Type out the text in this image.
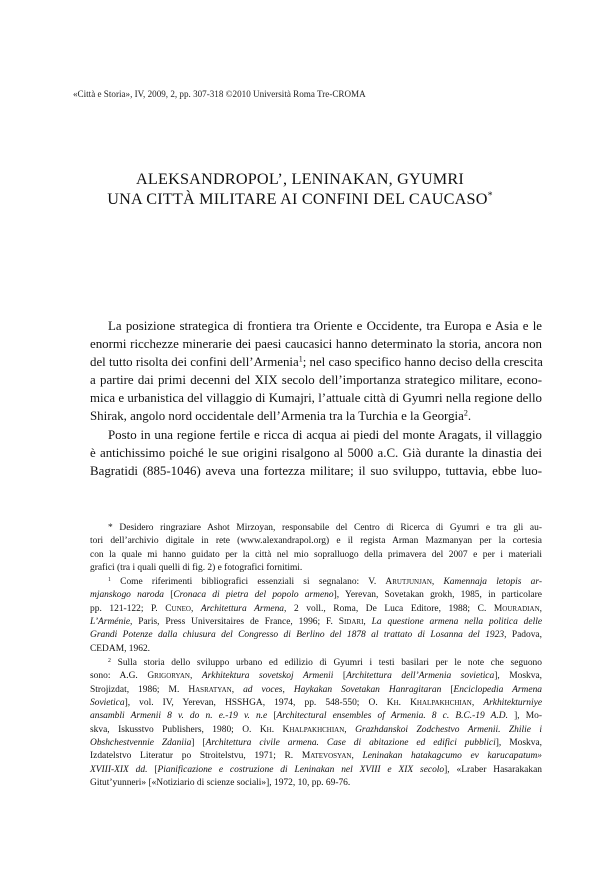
«Città e Storia», IV, 2009, 2, pp. 307-318 ©2010 Università Roma Tre-CROMA
ALEKSANDROPOL’, LENINAKAN, GYUMRI
UNA CITTÀ MILITARE AI CONFINI DEL CAUCASO*
La posizione strategica di frontiera tra Oriente e Occidente, tra Europa e Asia e le
enormi ricchezze minerarie dei paesi caucasici hanno determinato la storia, ancora non
del tutto risolta dei confini dell’Armenia$^1$; nel caso specifico hanno deciso della crescita
a partire dai primi decenni del XIX secolo dell’importanza strategico militare, econo-
mica e urbanistica del villaggio di Kumajri, l’attuale città di Gyumri nella regione dello
Shirak, angolo nord occidentale dell’Armenia tra la Turchia e la Georgia$^2$.
Posto in una regione fertile e ricca di acqua ai piedi del monte Aragats, il villaggio
è antichissimo poiché le sue origini risalgono al 5000 a.C. Già durante la dinastia dei
Bagratidi (885-1046) aveva una fortezza militare; il suo sviluppo, tuttavia, ebbe luo-
* Desidero ringraziare Ashot Mirzoyan, responsabile del Centro di Ricerca di Gyumri e tra gli au-
tori dell’archivio digitale in rete (www.alexandrapol.org) e il regista Arman Mazmanyan per la cortesia
con la quale mi hanno guidato per la città nel mio sopralluogo della primavera del 2007 e per i materiali
grafici (tra i quali quelli di fig. 2) e fotografici fornitimi.
$^1$ Come riferimenti bibliografici essenziali si segnalano: V. Arutjunjan, Kamennaja letopis ar-
mjanskogo naroda [Cronaca di pietra del popolo armeno], Yerevan, Sovetakan grokh, 1985, in particolare
pp. 121-122; P. Cuneo, Architettura Armena, 2 voll., Roma, De Luca Editore, 1988; C. Mouradian,
L’Arménie, Paris, Press Universitaires de France, 1996; F. Sidari, La questione armena nella politica delle
Grandi Potenze dalla chiusura del Congresso di Berlino del 1878 al trattato di Losanna del 1923, Padova,
CEDAM, 1962.
$^2$ Sulla storia dello sviluppo urbano ed edilizio di Gyumri i testi basilari per le note che seguono
sono: A.G. Grigoryan, Arkhitektura sovetskoj Armenii [Architettura dell’Armenia sovietica], Moskva,
Strojizdat, 1986; M. Hasratyan, ad voces, Haykakan Sovetakan Hanragitaran [Enciclopedia Armena
Sovietica], vol. IV, Yerevan, HSSHGA, 1974, pp. 548-550; O. Kh. Khalpakhchian, Arkhitekturniye
ansambli Armenii 8 v. do n. e.-19 v. n.e [Architectural ensembles of Armenia. 8 c. B.C.-19 A.D. ], Mo-
skva, Iskusstvo Publishers, 1980; O. Kh. Khalpakhchian, Grazhdanskoi Zodchestvo Armenii. Zhilie i
Obshchestvennie Zdaniia] [Architettura civile armena. Case di abitazione ed edifici pubblici], Moskva,
Izdatelstvo Literatur po Stroitelstvu, 1971; R. Matevosyan, Leninakan hatakagcumo ev karucapatum»
XVIII-XIX dd. [Pianificazione e costruzione di Leninakan nel XVIII e XIX secolo], «Lraber Hasarakakan
Gitut’yunneri» [«Notiziario di scienze sociali»], 1972, 10, pp. 69-76.
